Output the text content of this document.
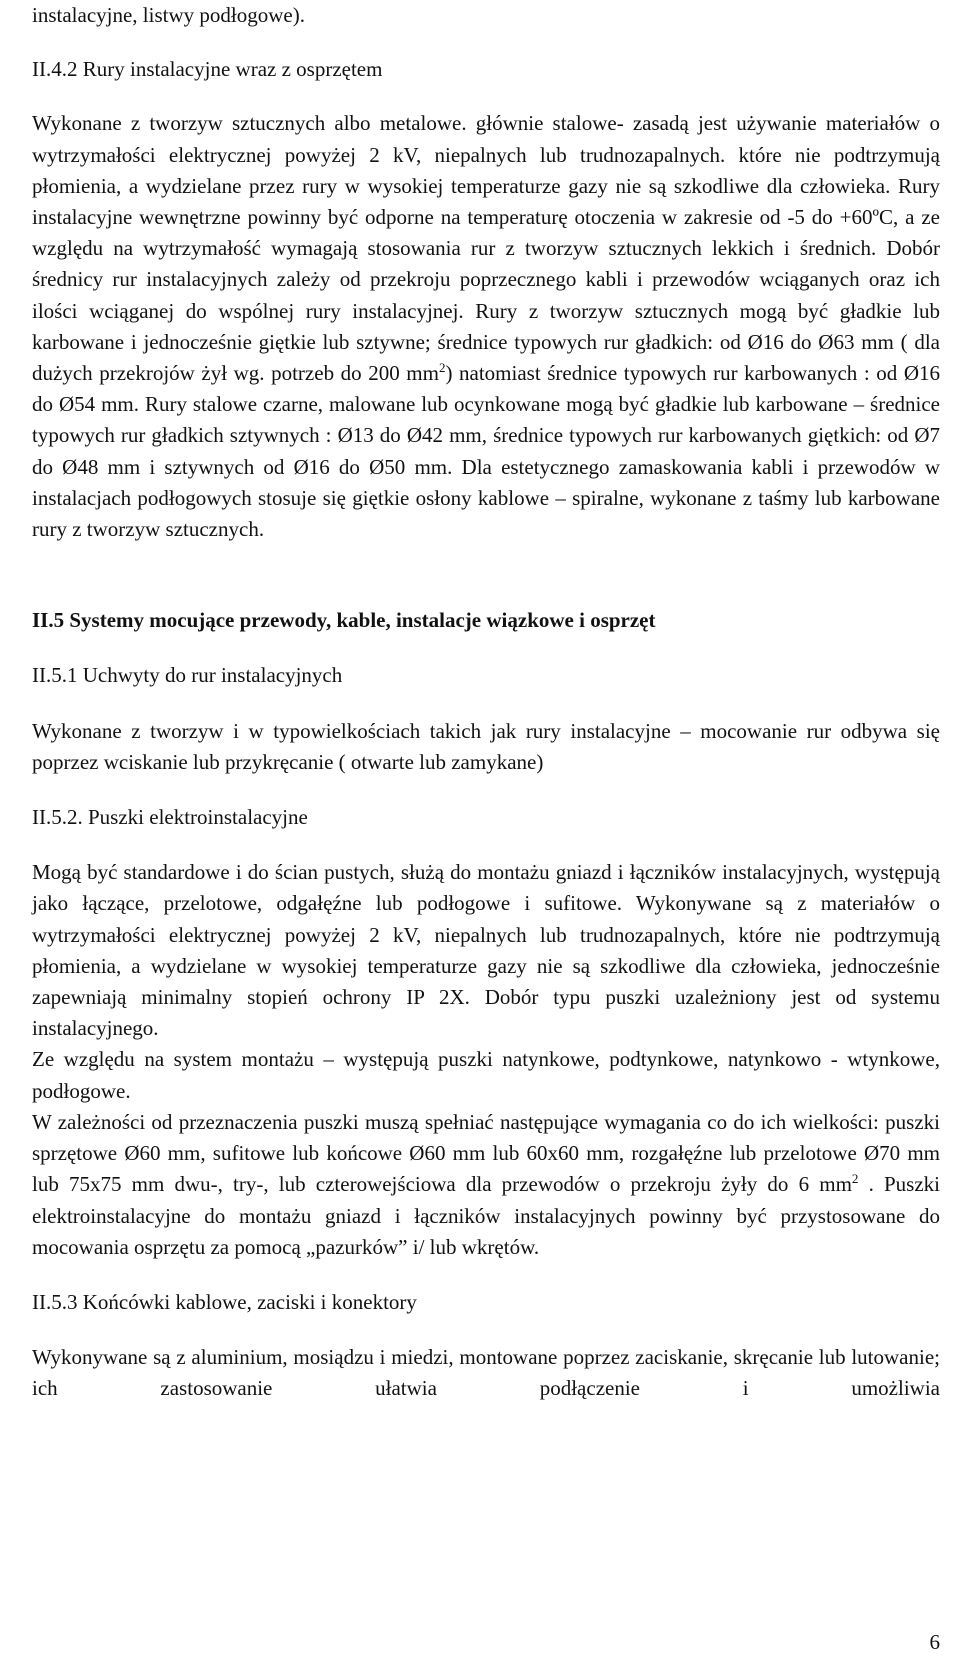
instalacyjne, listwy podłogowe).

II.4.2 Rury instalacyjne wraz z osprzętem

Wykonane z tworzyw sztucznych albo metalowe. głównie stalowe- zasadą jest używanie materiałów o wytrzymałości elektrycznej powyżej 2 kV, niepalnych lub trudnozapalnych. które nie podtrzymują płomienia, a wydzielane przez rury w wysokiej temperaturze gazy nie są szkodliwe dla człowieka. Rury instalacyjne wewnętrzne powinny być odporne na temperaturę otoczenia w zakresie od -5 do +60ºC, a ze względu na wytrzymałość wymagają stosowania rur z tworzyw sztucznych lekkich i średnich. Dobór średnicy rur instalacyjnych zależy od przekroju poprzecznego kabli i przewodów wciąganych oraz ich ilości wciąganej do wspólnej rury instalacyjnej. Rury z tworzyw sztucznych mogą być gładkie lub karbowane i jednocześnie giętkie lub sztywne; średnice typowych rur gładkich: od Ø16 do Ø63 mm ( dla dużych przekrojów żył wg. potrzeb do 200 $mm^2$) natomiast średnice typowych rur karbowanych : od Ø16 do Ø54 mm. Rury stalowe czarne, malowane lub ocynkowane mogą być gładkie lub karbowane – średnice typowych rur gładkich sztywnych : Ø13 do Ø42 mm, średnice typowych rur karbowanych giętkich: od Ø7 do Ø48 mm i sztywnych od Ø16 do Ø50 mm. Dla estetycznego zamaskowania kabli i przewodów w instalacjach podłogowych stosuje się giętkie osłony kablowe – spiralne, wykonane z taśmy lub karbowane rury z tworzyw sztucznych.

II.5 Systemy mocujące przewody, kable, instalacje wiązkowe i osprzęt

II.5.1 Uchwyty do rur instalacyjnych

Wykonane z tworzyw i w typowielkościach takich jak rury instalacyjne – mocowanie rur odbywa się poprzez wciskanie lub przykręcanie ( otwarte lub zamykane)

II.5.2. Puszki elektroinstalacyjne

Mogą być standardowe i do ścian pustych, służą do montażu gniazd i łączników instalacyjnych, występują jako łączące, przelotowe, odgałęźne lub podłogowe i sufitowe. Wykonywane są z materiałów o wytrzymałości elektrycznej powyżej 2 kV, niepalnych lub trudnozapalnych, które nie podtrzymują płomienia, a wydzielane w wysokiej temperaturze gazy nie są szkodliwe dla człowieka, jednocześnie zapewniają minimalny stopień ochrony IP 2X. Dobór typu puszki uzależniony jest od systemu instalacyjnego.

Ze względu na system montażu – występują puszki natynkowe, podtynkowe, natynkowo - wtynkowe, podłogowe.

W zależności od przeznaczenia puszki muszą spełniać następujące wymagania co do ich wielkości: puszki sprzętowe Ø60 mm, sufitowe lub końcowe Ø60 mm lub 60x60 mm, rozgałęźne lub przelotowe Ø70 mm lub 75x75 mm dwu-, try-, lub czterowejściowa dla przewodów o przekroju żyły do 6 $mm^2$ . Puszki elektroinstalacyjne do montażu gniazd i łączników instalacyjnych powinny być przystosowane do mocowania osprzętu za pomocą „pazurków” i/ lub wkrętów.

II.5.3 Końcówki kablowe, zaciski i konektory

Wykonywane są z aluminium, mosiądzu i miedzi, montowane poprzez zaciskanie, skręcanie lub lutowanie; ich zastosowanie ułatwia podłączenie i umożliwia

6
